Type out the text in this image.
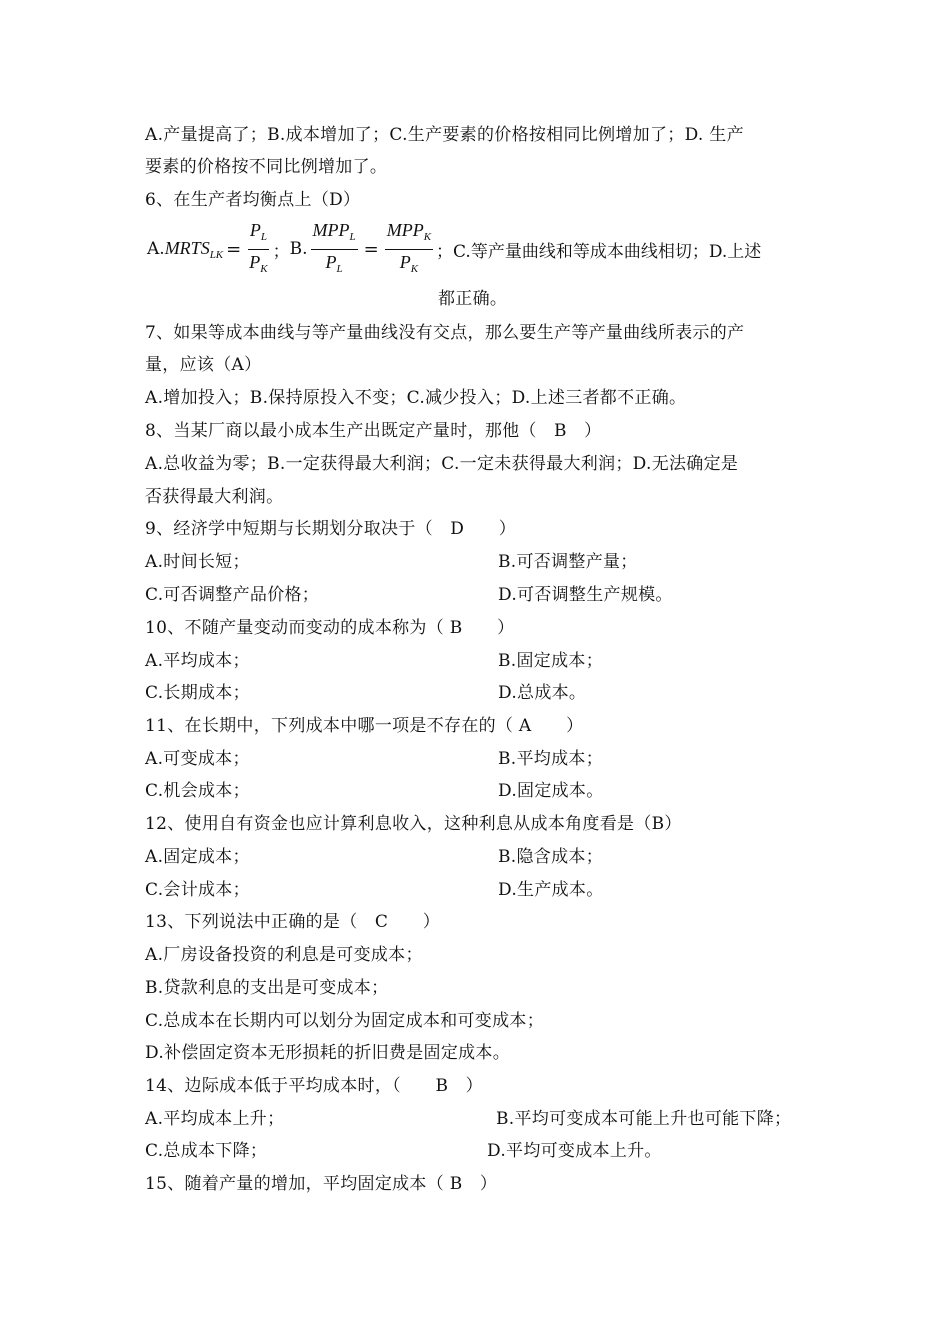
A.产量提高了；B.成本增加了；C.生产要素的价格按相同比例增加了；D. 生产
要素的价格按不同比例增加了。
6、在生产者均衡点上（D）
A. $MRTS_{LK} = \frac{P_L}{P_K}$ ； B. $\frac{MPP_L}{P_L} = \frac{MPP_K}{P_K}$ ；C.等产量曲线和等成本曲线相切；D.上述
都正确。
7、如果等成本曲线与等产量曲线没有交点，那么要生产等产量曲线所表示的产
量，应该（A）
A.增加投入；B.保持原投入不变；C.减少投入；D.上述三者都不正确。
8、当某厂商以最小成本生产出既定产量时，那他（　B　）
A.总收益为零；B.一定获得最大利润；C.一定未获得最大利润；D.无法确定是
否获得最大利润。
9、经济学中短期与长期划分取决于（　D　　）
A.时间长短；	B.可否调整产量；
C.可否调整产品价格；	D.可否调整生产规模。
10、不随产量变动而变动的成本称为（ B　　）
A.平均成本；	B.固定成本；
C.长期成本；	D.总成本。
11、在长期中，下列成本中哪一项是不存在的（ A　　）
A.可变成本；	B.平均成本；
C.机会成本；	D.固定成本。
12、使用自有资金也应计算利息收入，这种利息从成本角度看是（B）
A.固定成本；	B.隐含成本；
C.会计成本；	D.生产成本。
13、下列说法中正确的是（　C　　）
A.厂房设备投资的利息是可变成本；
B.贷款利息的支出是可变成本；
C.总成本在长期内可以划分为固定成本和可变成本；
D.补偿固定资本无形损耗的折旧费是固定成本。
14、边际成本低于平均成本时，（　　B　）
A.平均成本上升；	B.平均可变成本可能上升也可能下降；
C.总成本下降；	D.平均可变成本上升。
15、随着产量的增加，平均固定成本（ B　）
